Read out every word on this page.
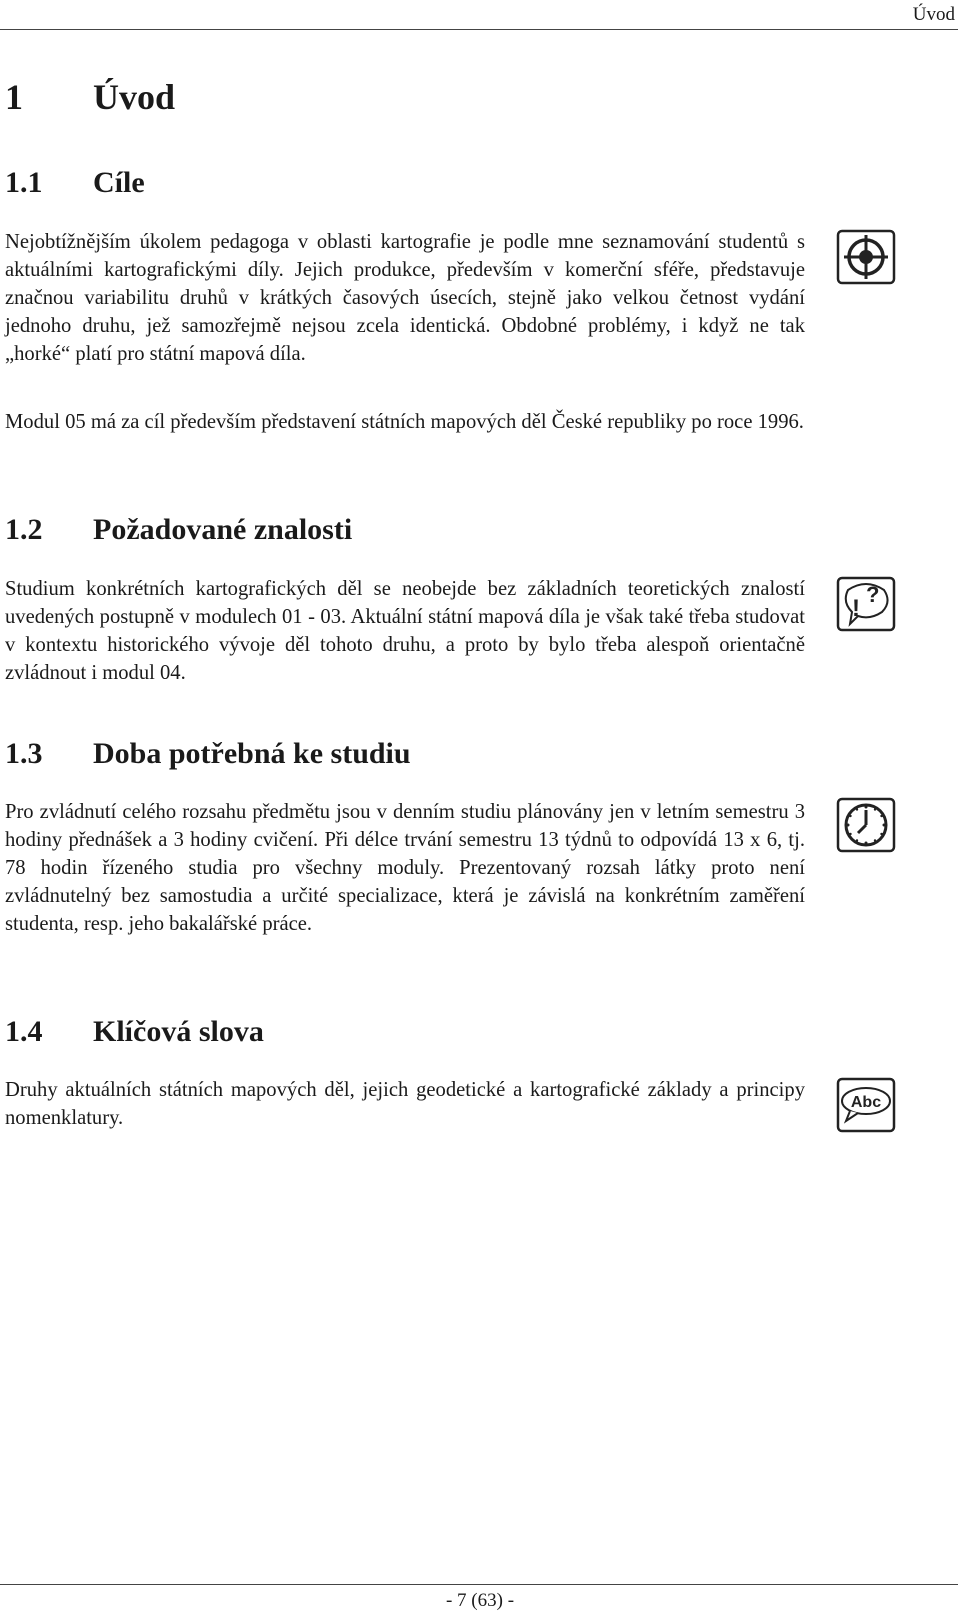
Úvod
1	Úvod
1.1	Cíle

Nejobtížnějším úkolem pedagoga v oblasti kartografie je podle mne seznamování studentů s aktuálními kartografickými díly. Jejich produkce, především v komerční sféře, představuje značnou variabilitu druhů v krátkých časových úsecích, stejně jako velkou četnost vydání jednoho druhu, jež samozřejmě nejsou zcela identická. Obdobné problémy, i když ne tak „horké“ platí pro státní mapová díla.

Modul 05 má za cíl především představení státních mapových děl České republiky po roce 1996.

1.2	Požadované znalosti

Studium konkrétních kartografických děl se neobejde bez základních teoretických znalostí uvedených postupně v modulech 01 - 03. Aktuální státní mapová díla je však také třeba studovat v kontextu historického vývoje děl tohoto druhu, a proto by bylo třeba alespoň orientačně zvládnout i modul 04.

!
?
1.3	Doba potřebná ke studiu

Pro zvládnutí celého rozsahu předmětu jsou v denním studiu plánovány jen v letním semestru 3 hodiny přednášek a 3 hodiny cvičení. Při délce trvání semestru 13 týdnů to odpovídá 13 x 6, tj. 78 hodin řízeného studia pro všechny moduly. Prezentovaný rozsah látky proto není zvládnutelný bez samostudia a určité specializace, která je závislá na konkrétním zaměření studenta, resp. jeho bakalářské práce.

1.4	Klíčová slova

Druhy aktuálních státních mapových děl, jejich geodetické a kartografické základy a principy nomenklatury.

Abc
- 7 (63) -
